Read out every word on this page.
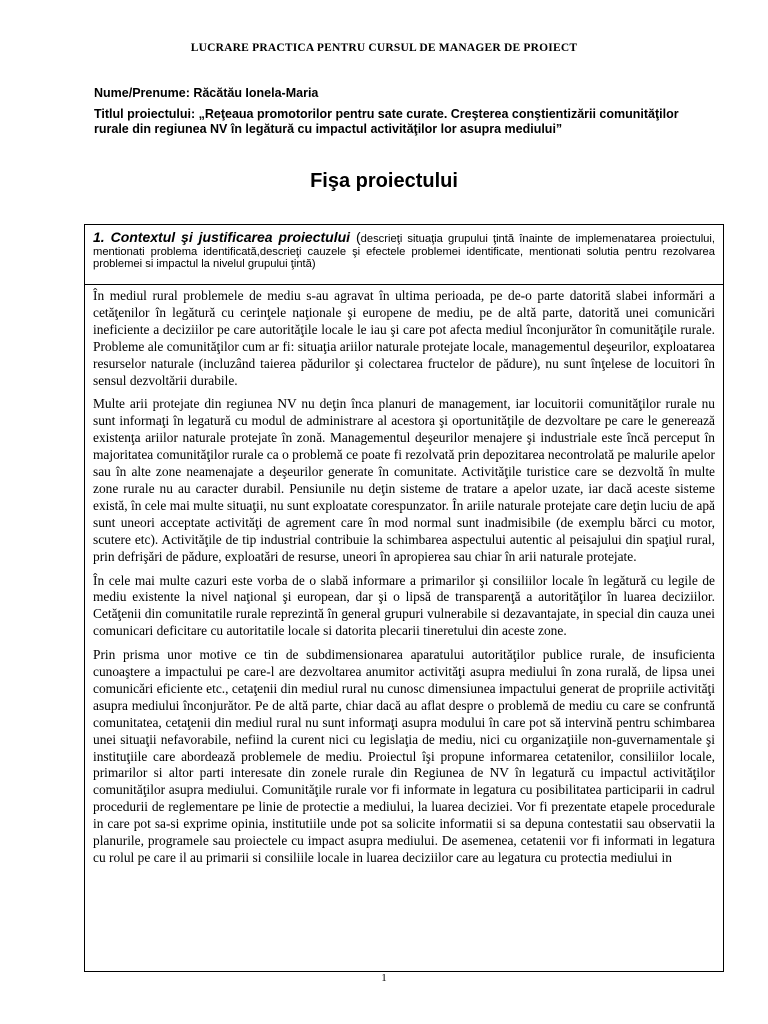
LUCRARE PRACTICA PENTRU CURSUL DE MANAGER DE PROIECT
Nume/Prenume: Răcătău Ionela-Maria
Titlul proiectului: „Reţeaua promotorilor pentru sate curate. Creşterea conştientizării comunităţilor rurale din regiunea NV în legătură cu impactul activităţilor lor asupra mediului”
Fişa proiectului
1. Contextul şi justificarea proiectului (descrieţi situaţia grupului ţintă înainte de implemenatarea proiectului, mentionati problema identificată,descrieţi cauzele şi efectele problemei identificate, mentionati solutia pentru rezolvarea problemei si impactul la nivelul grupului ţintă)

În mediul rural problemele de mediu s-au agravat în ultima perioada, pe de-o parte datorită slabei informări a cetăţenilor în legătură cu cerinţele naţionale şi europene de mediu, pe de altă parte, datorită unei comunicări ineficiente a deciziilor pe care autorităţile locale le iau şi care pot afecta mediul înconjurător în comunităţile rurale. Probleme ale comunităţilor cum ar fi: situaţia ariilor naturale protejate locale, managementul deşeurilor, exploatarea resurselor naturale (incluzând taierea pădurilor şi colectarea fructelor de pădure), nu sunt înţelese de locuitori în sensul dezvoltării durabile.

Multe arii protejate din regiunea NV nu deţin înca planuri de management, iar locuitorii comunităţilor rurale nu sunt informaţi în legatură cu modul de administrare al acestora şi oportunităţile de dezvoltare pe care le generează existenţa ariilor naturale protejate în zonă. Managementul deşeurilor menajere şi industriale este încă perceput în majoritatea comunităţilor rurale ca o problemă ce poate fi rezolvată prin depozitarea necontrolată pe malurile apelor sau în alte zone neamenajate a deşeurilor generate în comunitate. Activităţile turistice care se dezvoltă în multe zone rurale nu au caracter durabil. Pensiunile nu deţin sisteme de tratare a apelor uzate, iar dacă aceste sisteme există, în cele mai multe situaţii, nu sunt exploatate corespunzator. În ariile naturale protejate care deţin luciu de apă sunt uneori acceptate activităţi de agrement care în mod normal sunt inadmisibile (de exemplu bărci cu motor, scutere etc). Activităţile de tip industrial contribuie la schimbarea aspectului autentic al peisajului din spaţiul rural, prin defrişări de pădure, exploatări de resurse, uneori în apropierea sau chiar în arii naturale protejate.

În cele mai multe cazuri este vorba de o slabă informare a primarilor şi consiliilor locale în legătură cu legile de mediu existente la nivel naţional şi european, dar şi o lipsă de transparenţă a autorităţilor în luarea deciziilor. Cetăţenii din comunitatile rurale reprezintă în general grupuri vulnerabile si dezavantajate, in special din cauza unei comunicari deficitare cu autoritatile locale si datorita plecarii tineretului din aceste zone.

Prin prisma unor motive ce tin de subdimensionarea aparatului autorităţilor publice rurale, de insuficienta cunoaştere a impactului pe care-l are dezvoltarea anumitor activităţi asupra mediului în zona rurală, de lipsa unei comunicări eficiente etc., cetaţenii din mediul rural nu cunosc dimensiunea impactului generat de propriile activităţi asupra mediului înconjurător. Pe de altă parte, chiar dacă au aflat despre o problemă de mediu cu care se confruntă comunitatea, cetaţenii din mediul rural nu sunt informaţi asupra modului în care pot să intervină pentru schimbarea unei situaţii nefavorabile, nefiind la curent nici cu legislaţia de mediu, nici cu organizaţiile non-guvernamentale şi instituţiile care abordează problemele de mediu. Proiectul îşi propune informarea cetatenilor, consiliilor locale, primarilor si altor parti interesate din zonele rurale din Regiunea de NV în legatură cu impactul activităţilor comunităţilor asupra mediului. Comunităţile rurale vor fi informate in legatura cu posibilitatea participarii in cadrul procedurii de reglementare pe linie de protectie a mediului, la luarea deciziei. Vor fi prezentate etapele procedurale in care pot sa-si exprime opinia, institutiile unde pot sa solicite informatii si sa depuna contestatii sau observatii la planurile, programele sau proiectele cu impact asupra mediului. De asemenea, cetatenii vor fi informati in legatura cu rolul pe care il au primarii si consiliile locale in luarea deciziilor care au legatura cu protectia mediului in

1
